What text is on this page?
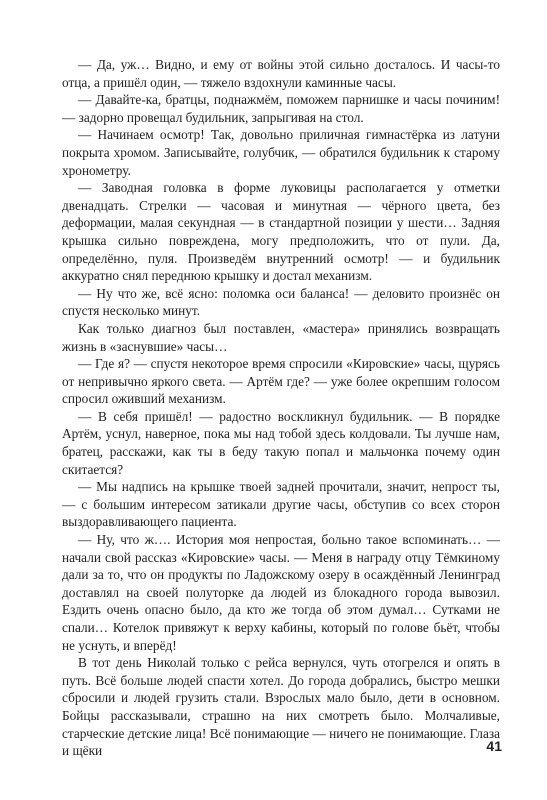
— Да, уж… Видно, и ему от войны этой сильно досталось. И часы-то отца, а пришёл один, — тяжело вздохнули каминные часы.

— Давайте-ка, братцы, поднажмём, поможем парнишке и часы починим! — задорно провещал будильник, запрыгивая на стол.

— Начинаем осмотр! Так, довольно приличная гимнастёрка из латуни покрыта хромом. Записывайте, голубчик, — обратился будильник к старому хронометру.

— Заводная головка в форме луковицы располагается у отметки двенадцать. Стрелки — часовая и минутная — чёрного цвета, без деформации, малая секундная — в стандартной позиции у шести… Задняя крышка сильно повреждена, могу предположить, что от пули. Да, определённо, пуля. Произведём внутренний осмотр! — и будильник аккуратно снял переднюю крышку и достал механизм.

— Ну что же, всё ясно: поломка оси баланса! — деловито произнёс он спустя несколько минут.

Как только диагноз был поставлен, «мастера» принялись возвращать жизнь в «заснувшие» часы…

— Где я? — спустя некоторое время спросили «Кировские» часы, щурясь от непривычно яркого света. — Артём где? — уже более окрепшим голосом спросил оживший механизм.

— В себя пришёл! — радостно воскликнул будильник. — В порядке Артём, уснул, наверное, пока мы над тобой здесь колдовали. Ты лучше нам, братец, расскажи, как ты в беду такую попал и мальчонка почему один скитается?

— Мы надпись на крышке твоей задней прочитали, значит, непрост ты, — с большим интересом затикали другие часы, обступив со всех сторон выздоравливающего пациента.

— Ну, что ж…. История моя непростая, больно такое вспоминать… — начали свой рассказ «Кировские» часы. — Меня в награду отцу Тёмкиному дали за то, что он продукты по Ладожскому озеру в осаждённый Ленинград доставлял на своей полуторке да людей из блокадного города вывозил. Ездить очень опасно было, да кто же тогда об этом думал… Сутками не спали… Котелок привяжут к верху кабины, который по голове бьёт, чтобы не уснуть, и вперёд!

В тот день Николай только с рейса вернулся, чуть отогрелся и опять в путь. Всё больше людей спасти хотел. До города добрались, быстро мешки сбросили и людей грузить стали. Взрослых мало было, дети в основном. Бойцы рассказывали, страшно на них смотреть было. Молчаливые, старческие детские лица! Всё понимающие — ничего не понимающие. Глаза и щёки	41
